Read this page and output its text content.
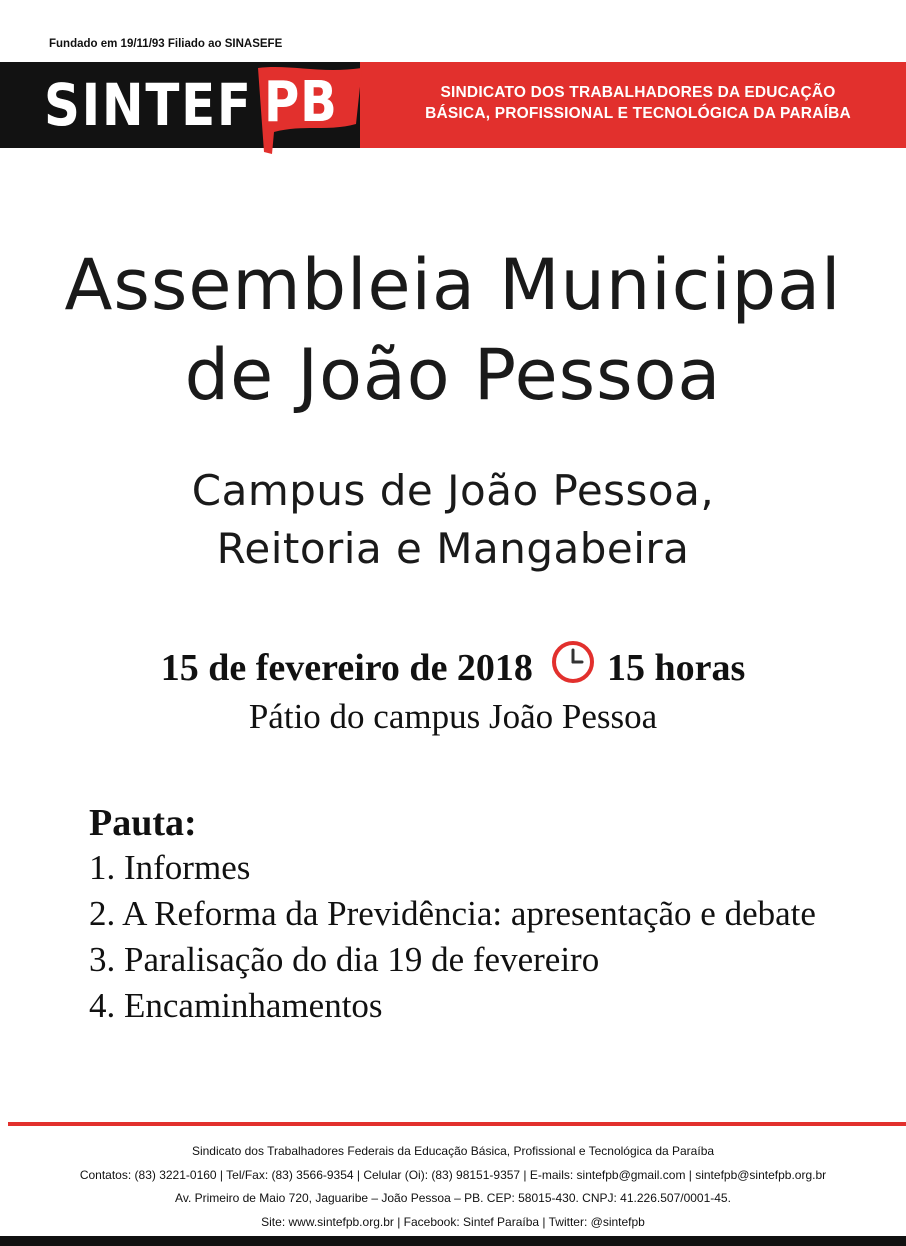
Fundado em 19/11/93 Filiado ao SINASEFE
SINTEF PB	SINDICATO DOS TRABALHADORES DA EDUCAÇÃO
BÁSICA, PROFISSIONAL E TECNOLÓGICA DA PARAÍBA
Assembleia Municipal
de João Pessoa
Campus de João Pessoa,
Reitoria e Mangabeira
15 de fevereiro de 2018 15 horas
Pátio do campus João Pessoa
Pauta:
1. Informes
2. A Reforma da Previdência: apresentação e debate
3. Paralisação do dia 19 de fevereiro
4. Encaminhamentos
Sindicato dos Trabalhadores Federais da Educação Básica, Profissional e Tecnológica da Paraíba
Contatos: (83) 3221-0160 | Tel/Fax: (83) 3566-9354 | Celular (Oi): (83) 98151-9357 | E-mails: sintefpb@gmail.com | sintefpb@sintefpb.org.br
Av. Primeiro de Maio 720, Jaguaribe – João Pessoa – PB. CEP: 58015-430. CNPJ: 41.226.507/0001-45.
Site: www.sintefpb.org.br | Facebook: Sintef Paraíba | Twitter: @sintefpb
